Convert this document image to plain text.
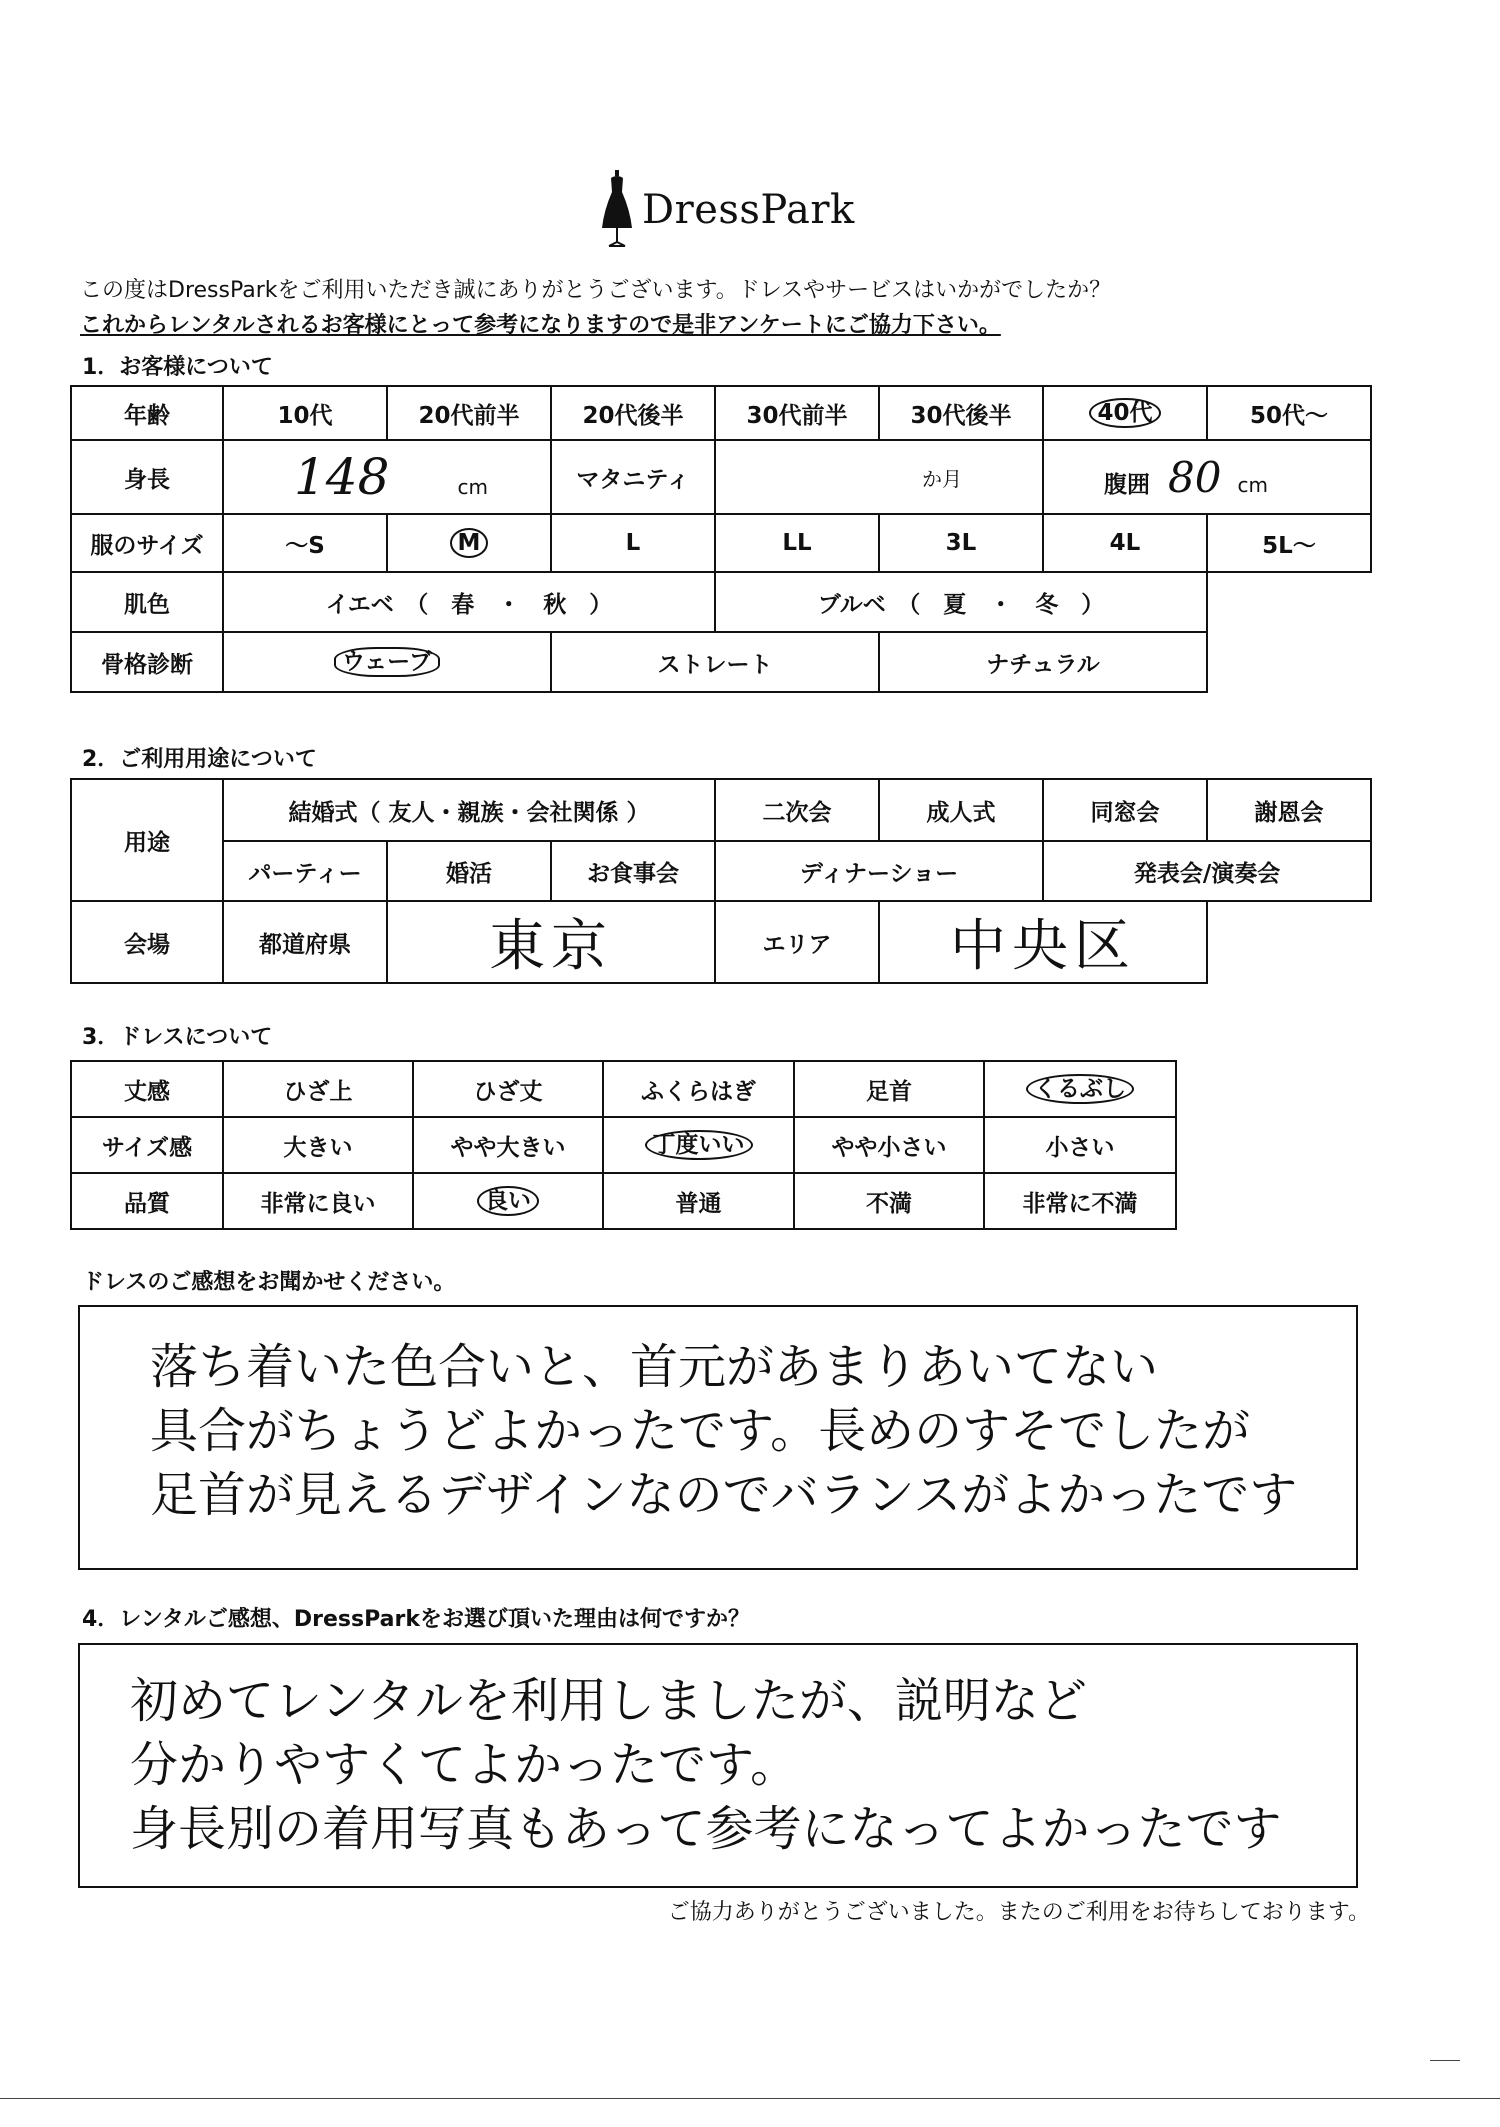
DressPark
この度はDressParkをご利用いただき誠にありがとうございます。ドレスやサービスはいかがでしたか？
これからレンタルされるお客様にとって参考になりますので是非アンケートにご協力下さい。
1．お客様について
年齢	10代	20代前半	20代後半	30代前半	30代後半	40代	50代～
身長	148 cm		マタニティ	か月		腹囲 80 cm	
服のサイズ	～S	M	L	LL	3L	4L	5L～
肌色	イエベ　（　春　・　秋　）			ブルベ　（　夏　・　冬　）			
骨格診断	ウェーブ		ストレート		ナチュラル		
2．ご利用用途について
用途	結婚式（ 友人・親族・会社関係 ）			二次会	成人式	同窓会	謝恩会
	パーティー	婚活	お食事会	ディナーショー		発表会/演奏会	
会場	都道府県	東京		エリア	中央区		
3．ドレスについて
丈感	ひざ上	ひざ丈	ふくらはぎ	足首	くるぶし
サイズ感	大きい	やや大きい	丁度いい	やや小さい	小さい
品質	非常に良い	良い	普通	不満	非常に不満
ドレスのご感想をお聞かせください。
落ち着いた色合いと、首元があまりあいてない
具合がちょうどよかったです。長めのすそでしたが
足首が見えるデザインなのでバランスがよかったです
4．レンタルご感想、DressParkをお選び頂いた理由は何ですか？
初めてレンタルを利用しましたが、説明など
分かりやすくてよかったです。
身長別の着用写真もあって参考になってよかったです
ご協力ありがとうございました。またのご利用をお待ちしております。
